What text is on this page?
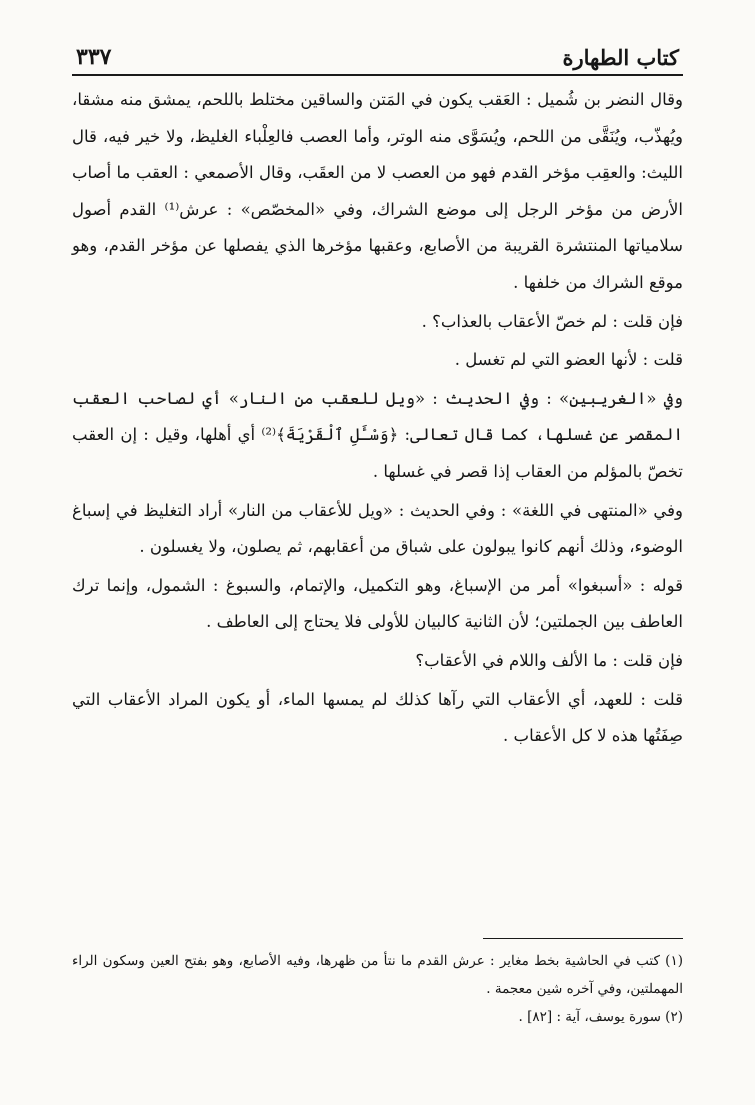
كتاب الطهارة
٣٣٧

وقال النضر بن شُميل : العَقب يكون في المَتن والساقين مختلط باللحم، يمشق منه مشقا، ويُهذّب، ويُنَقَّى من اللحم، ويُسَوَّى منه الوتر، وأما العصب فالعِلْباء الغليظ، ولا خير فيه، قال الليث: والعقِب مؤخر القدم فهو من العصب لا من العقَب، وقال الأصمعي : العقب ما أصاب الأرض من مؤخر الرجل إلى موضع الشراك، وفي «المخصّص» : عرش⁽¹⁾ القدم أصول سلامياتها المنتشرة القريبة من الأصابع، وعقبها مؤخرها الذي يفصلها عن مؤخر القدم، وهو موقع الشراك من خلفها .

فإن قلت : لم خصّ الأعقاب بالعذاب؟ .

قلت : لأنها العضو التي لم تغسل .

وفي «الغريبين» : وفي الحديث : «ويل للعقب من النار» أي لصاحب العقب المقصر عن غسلها، كما قال تعالى: ﴿وَسْـَٔلِ ٱلْقَرْيَةَ﴾⁽²⁾ أي أهلها، وقيل : إن العقب تخصّ بالمؤلم من العقاب إذا قصر في غسلها .

وفي «المنتهى في اللغة» : وفي الحديث : «ويل للأعقاب من النار» أراد التغليظ في إسباغ الوضوء، وذلك أنهم كانوا يبولون على شباق من أعقابهم، ثم يصلون، ولا يغسلون .

قوله : «أسبغوا» أمر من الإسباغ، وهو التكميل، والإتمام، والسبوغ : الشمول، وإنما ترك العاطف بين الجملتين؛ لأن الثانية كالبيان للأولى فلا يحتاج إلى العاطف .

فإن قلت : ما الألف واللام في الأعقاب؟

قلت : للعهد، أي الأعقاب التي رآها كذلك لم يمسها الماء، أو يكون المراد الأعقاب التي صِفَتُها هذه لا كل الأعقاب .

(١) كتب في الحاشية بخط مغاير : عرش القدم ما نتأ من ظهرها، وفيه الأصابع، وهو بفتح العين وسكون الراء المهملتين، وفي آخره شين معجمة .

(٢) سورة يوسف، آية : [٨٢] .
